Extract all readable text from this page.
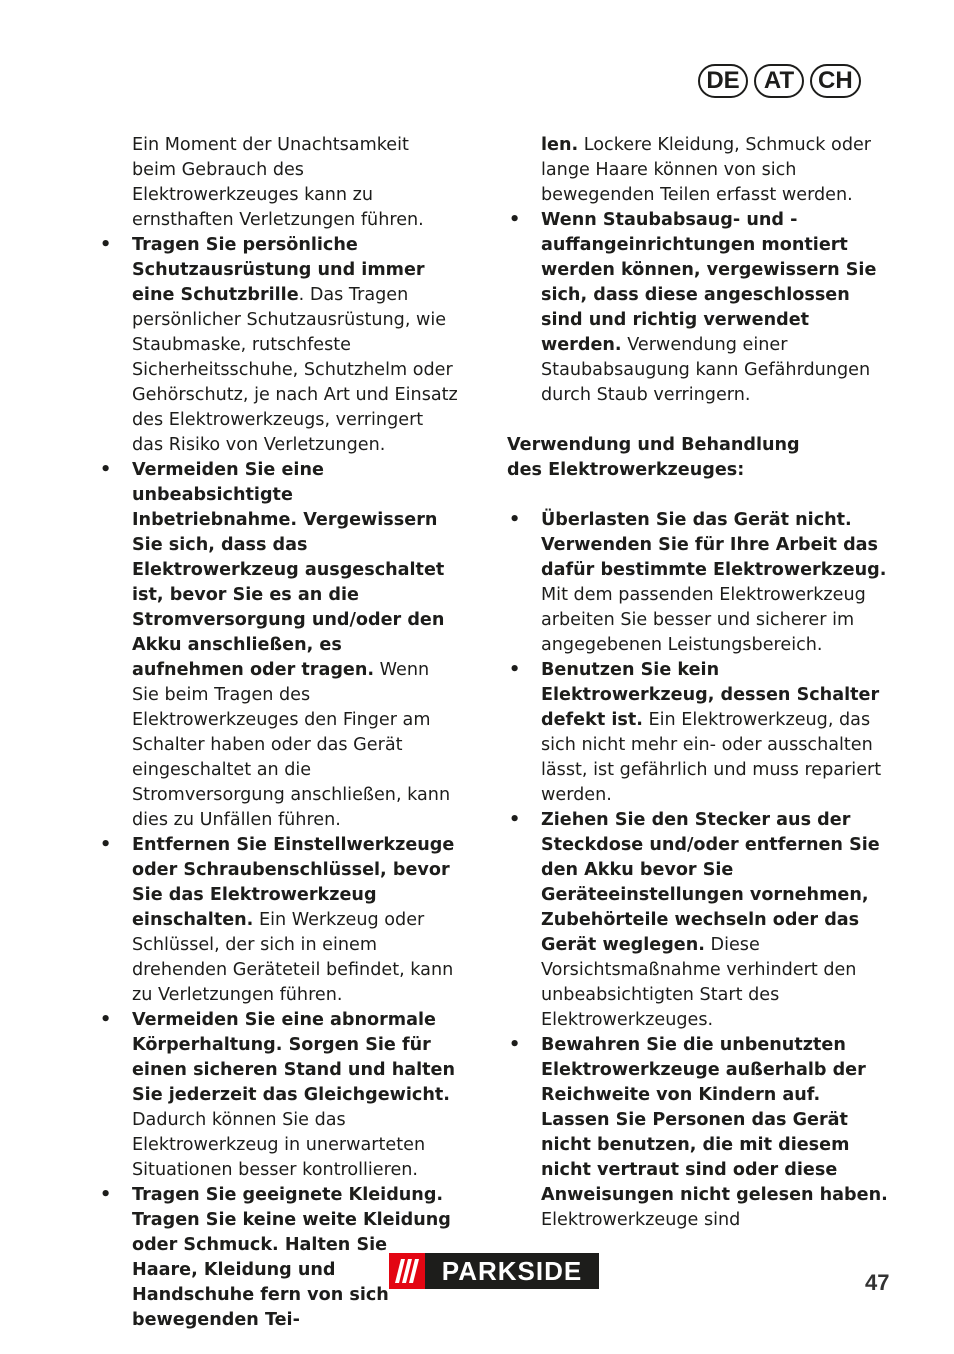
DE	AT CH

Ein Moment der Unachtsamkeit beim Gebrauch des Elektrowerkzeuges kann zu ernsthaften Verletzungen führen.

• Tragen Sie persönliche Schutzausrüstung und immer eine Schutzbrille. Das Tragen persönlicher Schutzausrüstung, wie Staubmaske, rutschfeste Sicherheitsschuhe, Schutzhelm oder Gehörschutz, je nach Art und Einsatz des Elektrowerkzeugs, verringert das Risiko von Verletzungen.

• Vermeiden Sie eine unbeabsichtigte Inbetriebnahme. Vergewissern Sie sich, dass das Elektrowerkzeug ausgeschaltet ist, bevor Sie es an die Stromversorgung und/oder den Akku anschließen, es aufnehmen oder tragen. Wenn Sie beim Tragen des Elektrowerkzeuges den Finger am Schalter haben oder das Gerät eingeschaltet an die Stromversorgung anschließen, kann dies zu Unfällen führen.

• Entfernen Sie Einstellwerkzeuge oder Schraubenschlüssel, bevor Sie das Elektrowerkzeug einschalten. Ein Werkzeug oder Schlüssel, der sich in einem drehenden Geräteteil befindet, kann zu Verletzungen führen.

• Vermeiden Sie eine abnormale Körperhaltung. Sorgen Sie für einen sicheren Stand und halten Sie jederzeit das Gleichgewicht. Dadurch können Sie das Elektrowerkzeug in unerwarteten Situationen besser kontrollieren.

• Tragen Sie geeignete Kleidung. Tragen Sie keine weite Kleidung oder Schmuck. Halten Sie Haare, Kleidung und Handschuhe fern von sich bewegenden Tei-

len. Lockere Kleidung, Schmuck oder lange Haare können von sich bewegenden Teilen erfasst werden.

• Wenn Staubabsaug- und -auffangeinrichtungen montiert werden können, vergewissern Sie sich, dass diese angeschlossen sind und richtig verwendet werden. Verwendung einer Staubabsaugung kann Gefährdungen durch Staub verringern.

Verwendung und Behandlung
des Elektrowerkzeuges:

• Überlasten Sie das Gerät nicht. Verwenden Sie für Ihre Arbeit das dafür bestimmte Elektrowerkzeug. Mit dem passenden Elektrowerkzeug arbeiten Sie besser und sicherer im angegebenen Leistungsbereich.

• Benutzen Sie kein Elektrowerkzeug, dessen Schalter defekt ist. Ein Elektrowerkzeug, das sich nicht mehr ein- oder ausschalten lässt, ist gefährlich und muss repariert werden.

• Ziehen Sie den Stecker aus der Steckdose und/oder entfernen Sie den Akku bevor Sie Geräteeinstellungen vornehmen, Zubehörteile wechseln oder das Gerät weglegen. Diese Vorsichtsmaßnahme verhindert den unbeabsichtigten Start des Elektrowerkzeuges.

• Bewahren Sie die unbenutzten Elektrowerkzeuge außerhalb der Reichweite von Kindern auf. Lassen Sie Personen das Gerät nicht benutzen, die mit diesem nicht vertraut sind oder diese Anweisungen nicht gelesen haben. Elektrowerkzeuge sind

PARKSIDE	47
